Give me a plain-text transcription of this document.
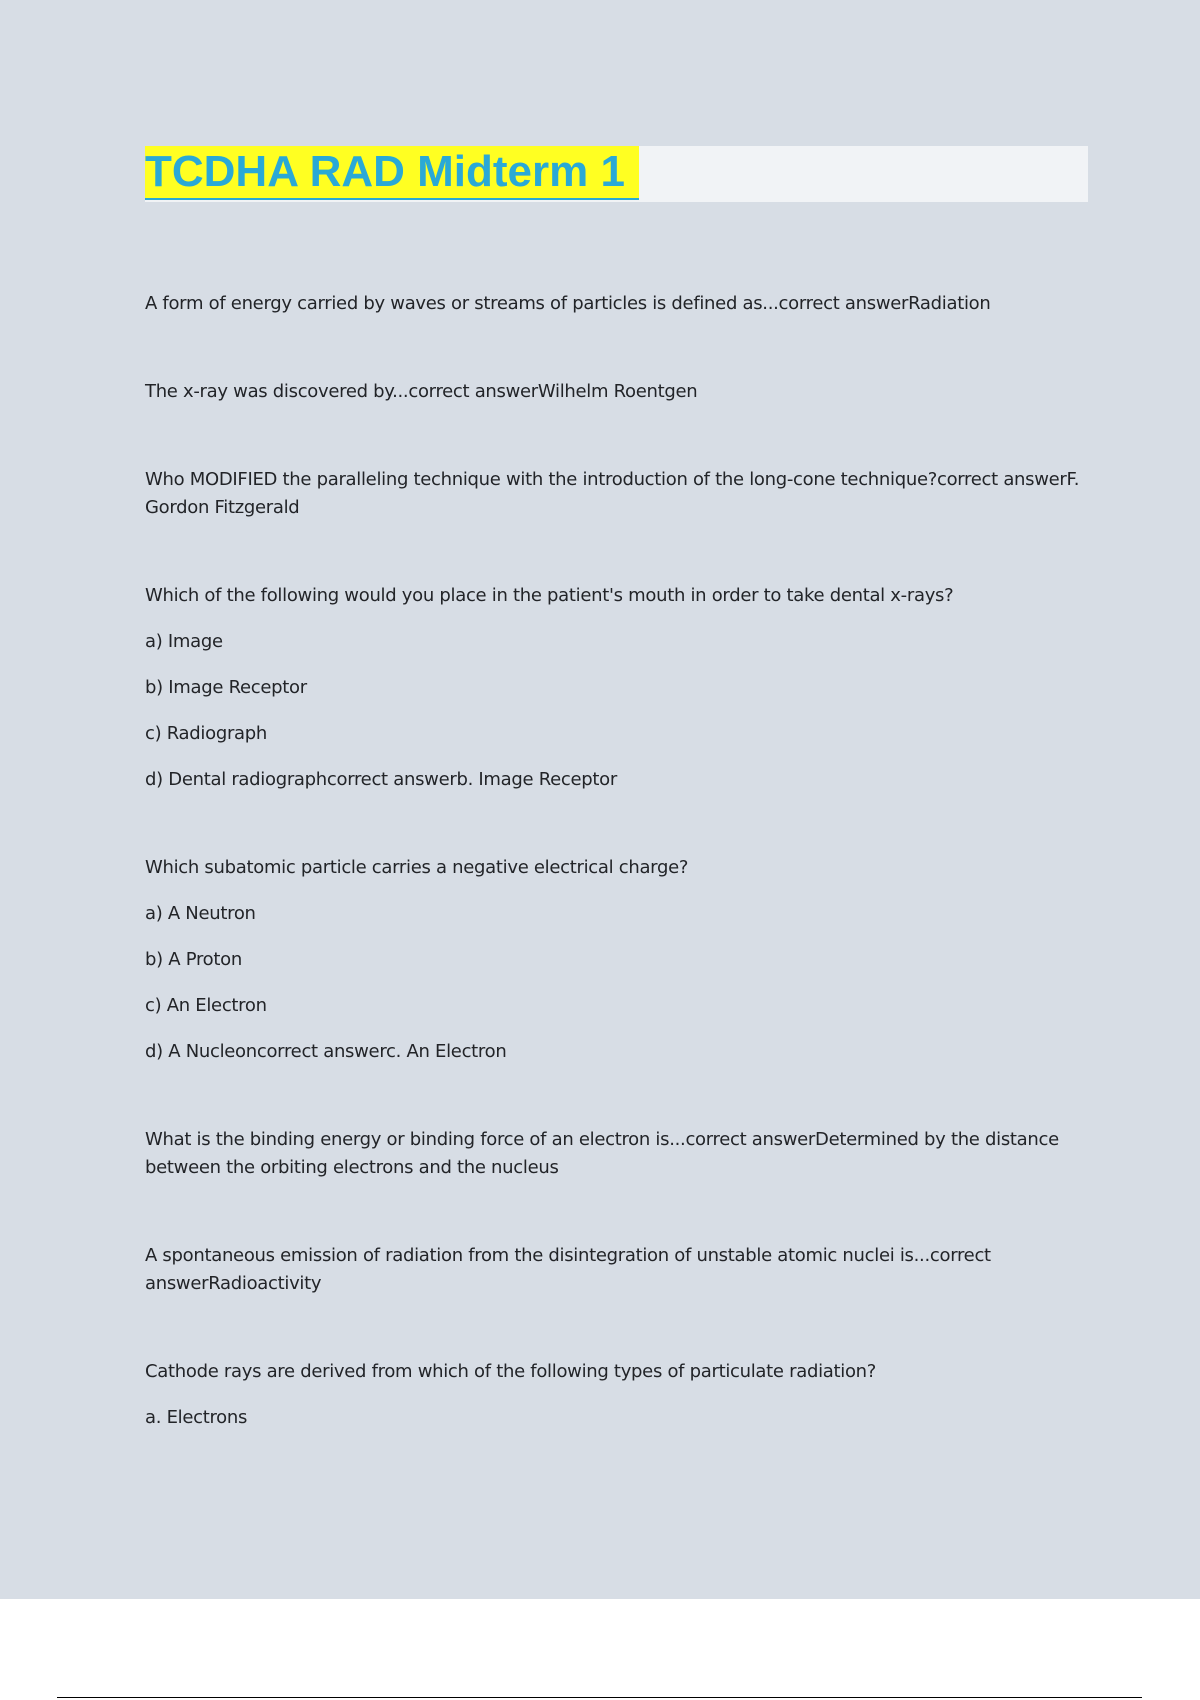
TCDHA RAD Midterm 1

A form of energy carried by waves or streams of particles is defined as...correct answerRadiation

The x-ray was discovered by...correct answerWilhelm Roentgen

Who MODIFIED the paralleling technique with the introduction of the long-cone technique?correct answerF. Gordon Fitzgerald

Which of the following would you place in the patient's mouth in order to take dental x-rays?

a) Image

b) Image Receptor

c) Radiograph

d) Dental radiographcorrect answerb. Image Receptor

Which subatomic particle carries a negative electrical charge?

a) A Neutron

b) A Proton

c) An Electron

d) A Nucleoncorrect answerc. An Electron

What is the binding energy or binding force of an electron is...correct answerDetermined by the distance between the orbiting electrons and the nucleus

A spontaneous emission of radiation from the disintegration of unstable atomic nuclei is...correct answerRadioactivity

Cathode rays are derived from which of the following types of particulate radiation?

a. Electrons
